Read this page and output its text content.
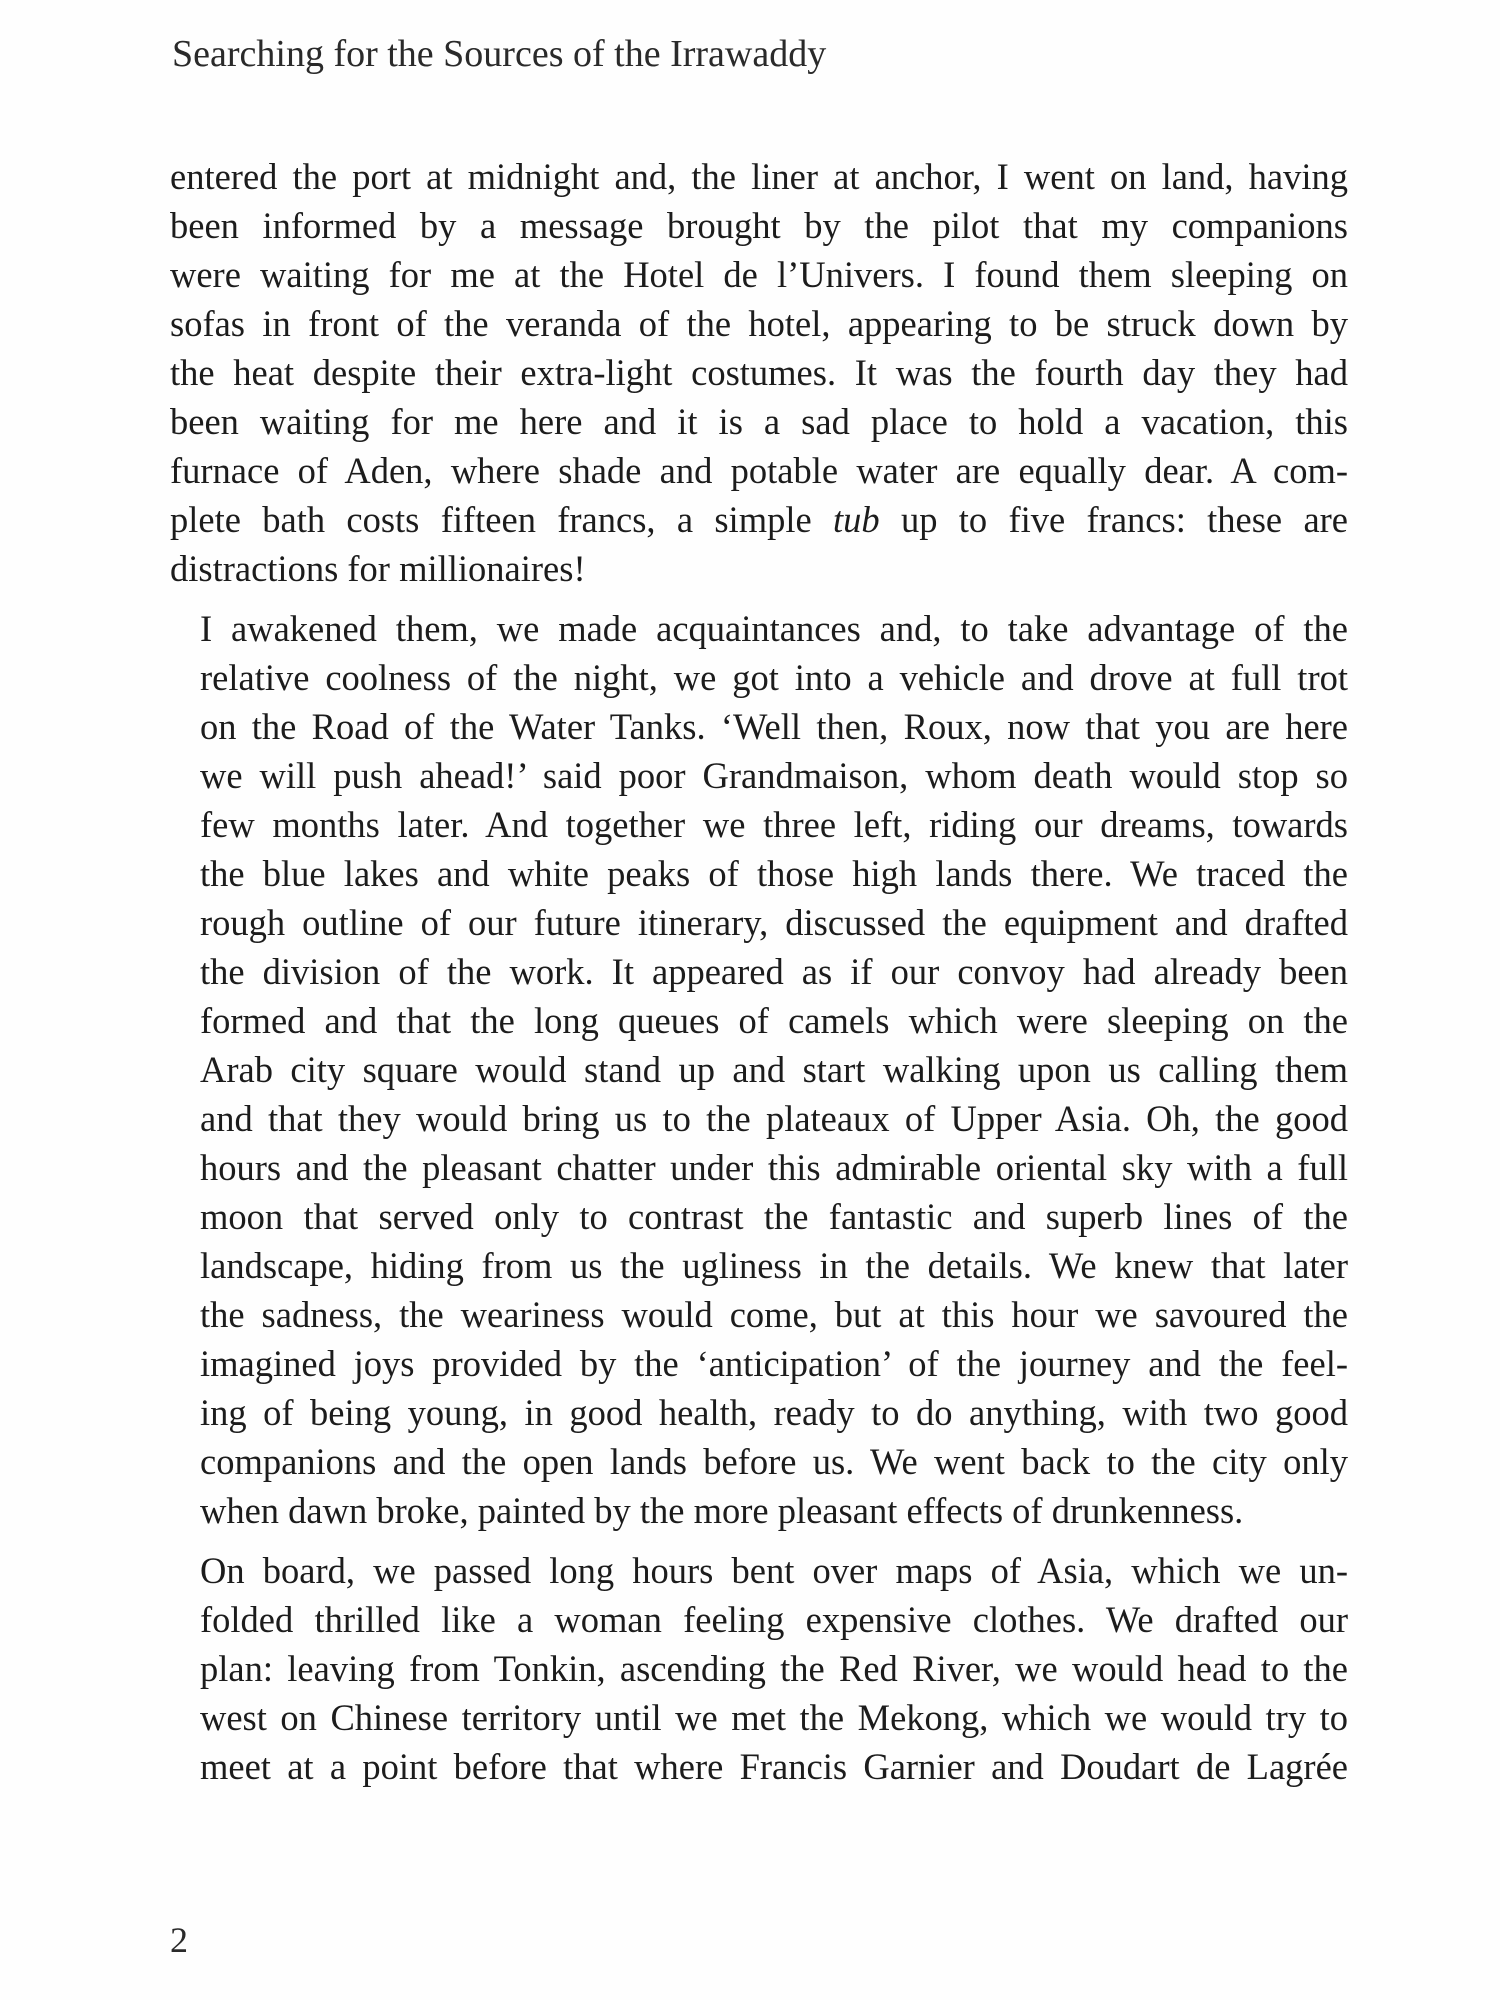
Searching for the Sources of the Irrawaddy

entered the port at midnight and, the liner at anchor, I went on land, having
been informed by a message brought by the pilot that my companions
were waiting for me at the Hotel de l’Univers. I found them sleeping on
sofas in front of the veranda of the hotel, appearing to be struck down by
the heat despite their extra-light costumes. It was the fourth day they had
been waiting for me here and it is a sad place to hold a vacation, this
furnace of Aden, where shade and potable water are equally dear. A com-
plete bath costs fifteen francs, a simple tub up to five francs: these are
distractions for millionaires!

I awakened them, we made acquaintances and, to take advantage of the
relative coolness of the night, we got into a vehicle and drove at full trot
on the Road of the Water Tanks. ‘Well then, Roux, now that you are here
we will push ahead!’ said poor Grandmaison, whom death would stop so
few months later. And together we three left, riding our dreams, towards
the blue lakes and white peaks of those high lands there. We traced the
rough outline of our future itinerary, discussed the equipment and drafted
the division of the work. It appeared as if our convoy had already been
formed and that the long queues of camels which were sleeping on the
Arab city square would stand up and start walking upon us calling them
and that they would bring us to the plateaux of Upper Asia. Oh, the good
hours and the pleasant chatter under this admirable oriental sky with a full
moon that served only to contrast the fantastic and superb lines of the
landscape, hiding from us the ugliness in the details. We knew that later
the sadness, the weariness would come, but at this hour we savoured the
imagined joys provided by the ‘anticipation’ of the journey and the feel-
ing of being young, in good health, ready to do anything, with two good
companions and the open lands before us. We went back to the city only
when dawn broke, painted by the more pleasant effects of drunkenness.

On board, we passed long hours bent over maps of Asia, which we un-
folded thrilled like a woman feeling expensive clothes. We drafted our
plan: leaving from Tonkin, ascending the Red River, we would head to the
west on Chinese territory until we met the Mekong, which we would try to
meet at a point before that where Francis Garnier and Doudart de Lagrée

2
